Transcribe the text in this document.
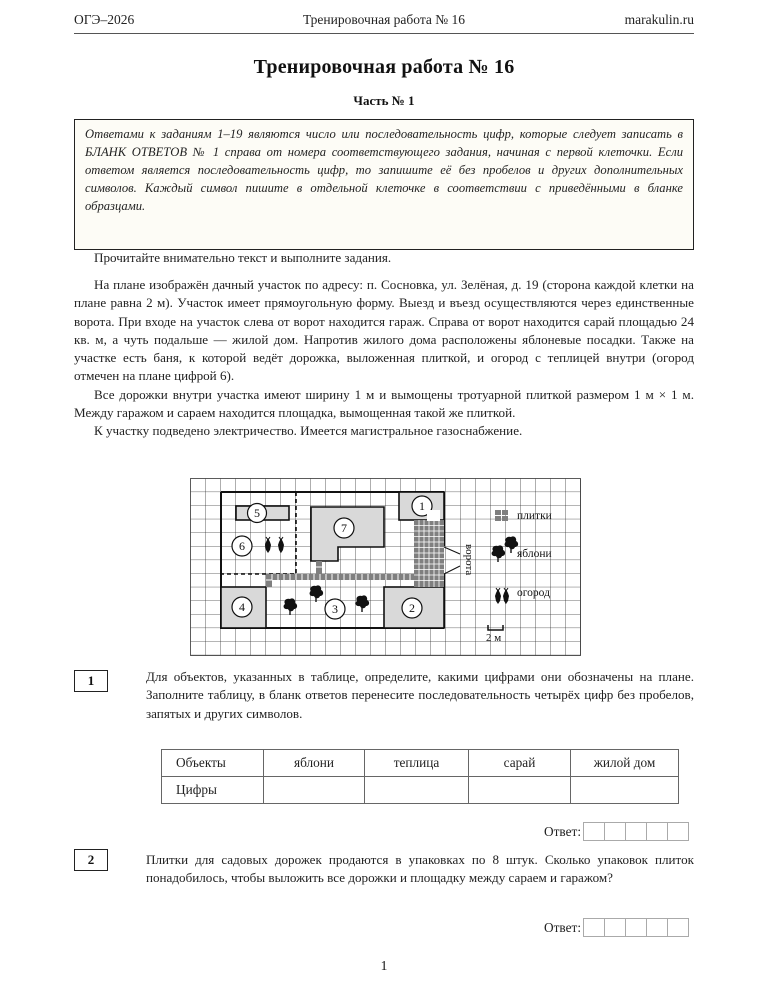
ОГЭ–2026	Тренировочная работа № 16	marakulin.ru
Тренировочная работа № 16
Часть № 1

Ответами к заданиям 1–19 являются число или последовательность цифр, которые следует записать в БЛАНК ОТВЕТОВ № 1 справа от номера соответствующего задания, начиная с первой клеточки. Если ответом является последовательность цифр, то запишите её без пробелов и других дополнительных символов. Каждый символ пишите в отдельной клеточке в соответствии с приведёнными в бланке образцами.

Прочитайте внимательно текст и выполните задания.

На плане изображён дачный участок по адресу: п. Сосновка, ул. Зелёная, д. 19 (сторона каждой клетки на плане равна 2 м). Участок имеет прямоугольную форму. Выезд и въезд осуществляются через единственные ворота. При входе на участок слева от ворот находится гараж. Справа от ворот находится сарай площадью 24 кв. м, а чуть подальше — жилой дом. Напротив жилого дома расположены яблоневые посадки. Также на участке есть баня, к которой ведёт дорожка, выложенная плиткой, и огород с теплицей внутри (огород отмечен на плане цифрой 6).

Все дорожки внутри участка имеют ширину 1 м и вымощены тротуарной плиткой размером 1 м × 1 м. Между гаражом и сараем находится площадка, вымощенная такой же плиткой.

К участку подведено электричество. Имеется магистральное газоснабжение.

ворота
5
6
7
1
4	3	2
плитки
яблони
огород
2 м
1	Для объектов, указанных в таблице, определите, какими цифрами они обозначены на плане. Заполните таблицу, в бланк ответов перенесите последовательность четырёх цифр без пробелов, запятых и других символов.
Объекты	яблони	теплица	сарай	жилой дом
Цифры				
Ответ:
2	Плитки для садовых дорожек продаются в упаковках по 8 штук. Сколько упаковок плиток понадобилось, чтобы выложить все дорожки и площадку между сараем и гаражом?
Ответ:
1
